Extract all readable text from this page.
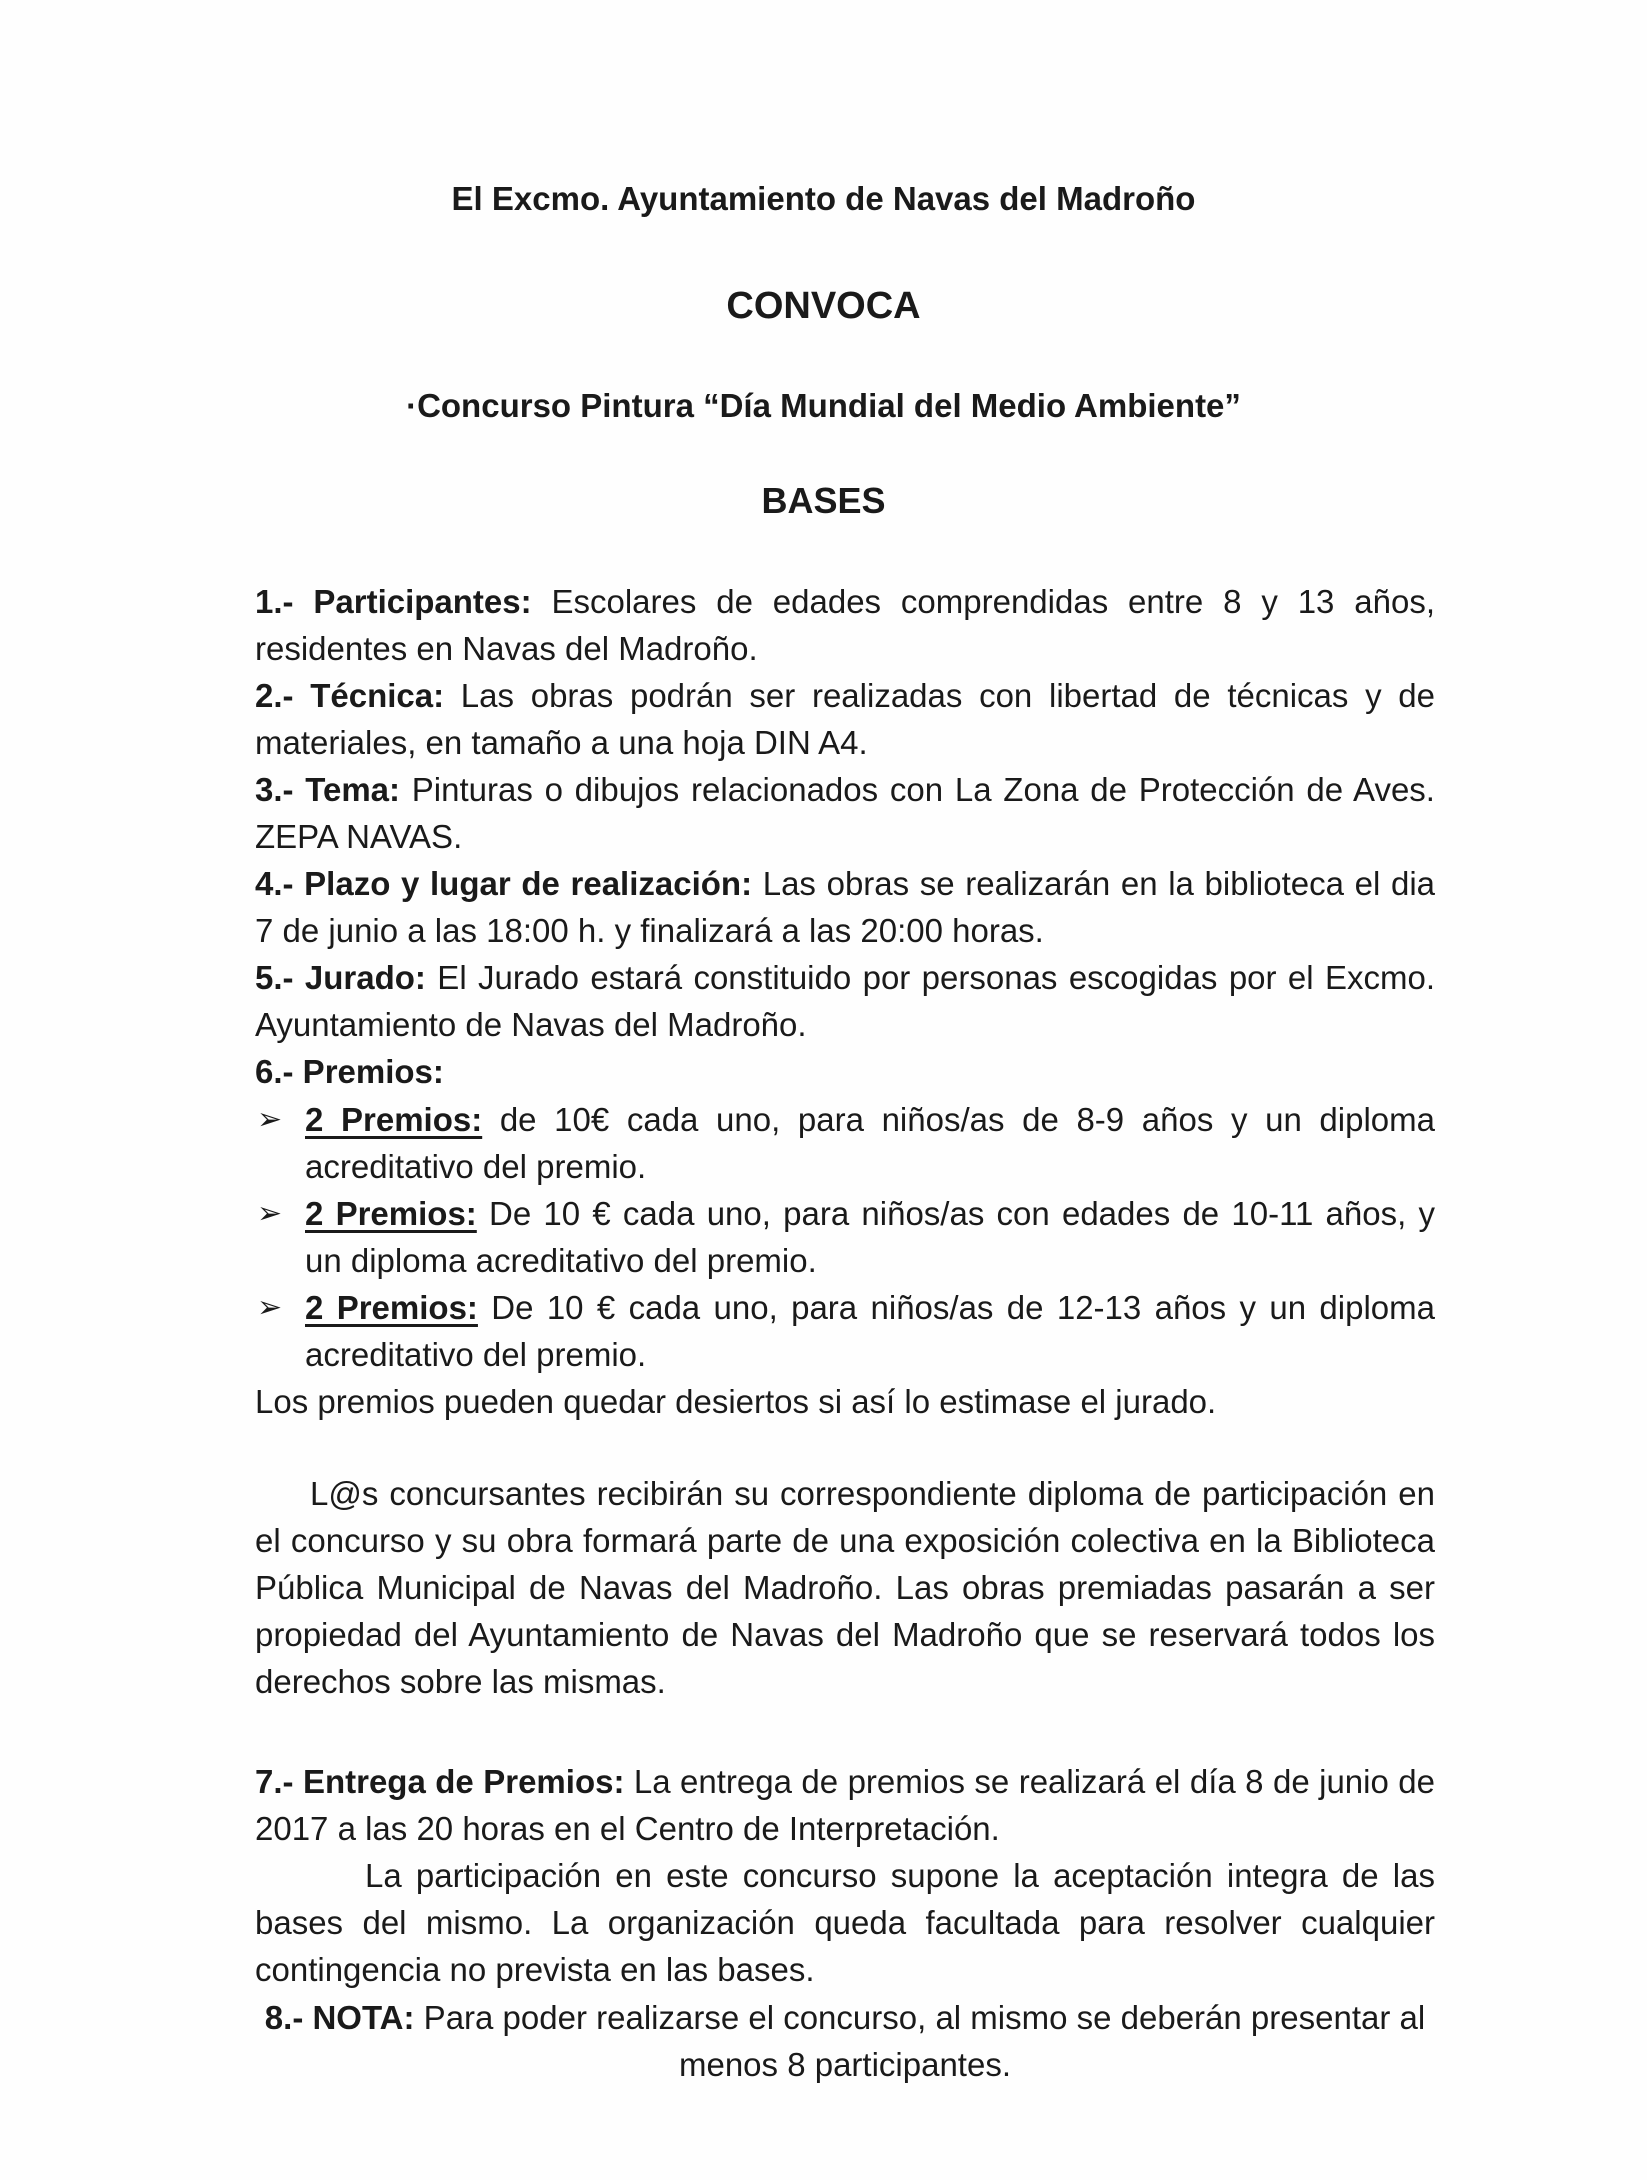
El Excmo. Ayuntamiento de Navas del Madroño
CONVOCA
·Concurso Pintura “Día Mundial del Medio Ambiente”
BASES

1.- Participantes: Escolares de edades comprendidas entre 8 y 13 años, residentes en Navas del Madroño.

2.- Técnica: Las obras podrán ser realizadas con libertad de técnicas y de materiales, en tamaño a una hoja DIN A4.

3.- Tema: Pinturas o dibujos relacionados con La Zona de Protección de Aves. ZEPA NAVAS.

4.- Plazo y lugar de realización: Las obras se realizarán en la biblioteca el dia 7 de junio a las 18:00 h. y finalizará a las 20:00 horas.

5.- Jurado: El Jurado estará constituido por personas escogidas por el Excmo. Ayuntamiento de Navas del Madroño.

6.- Premios:

➢ 2 Premios: de 10€ cada uno, para niños/as de 8-9 años y un diploma acreditativo del premio.

➢ 2 Premios: De 10 € cada uno, para niños/as con edades de 10-11 años, y un diploma acreditativo del premio.

➢ 2 Premios: De 10 € cada uno, para niños/as de 12-13 años y un diploma acreditativo del premio.

Los premios pueden quedar desiertos si así lo estimase el jurado.

L@s concursantes recibirán su correspondiente diploma de participación en el concurso y su obra formará parte de una exposición colectiva en la Biblioteca Pública Municipal de Navas del Madroño. Las obras premiadas pasarán a ser propiedad del Ayuntamiento de Navas del Madroño que se reservará todos los derechos sobre las mismas.

7.- Entrega de Premios: La entrega de premios se realizará el día 8 de junio de 2017 a las 20 horas en el Centro de Interpretación.

La participación en este concurso supone la aceptación integra de las bases del mismo. La organización queda facultada para resolver cualquier contingencia no prevista en las bases.

8.- NOTA: Para poder realizarse el concurso, al mismo se deberán presentar al menos 8 participantes.
